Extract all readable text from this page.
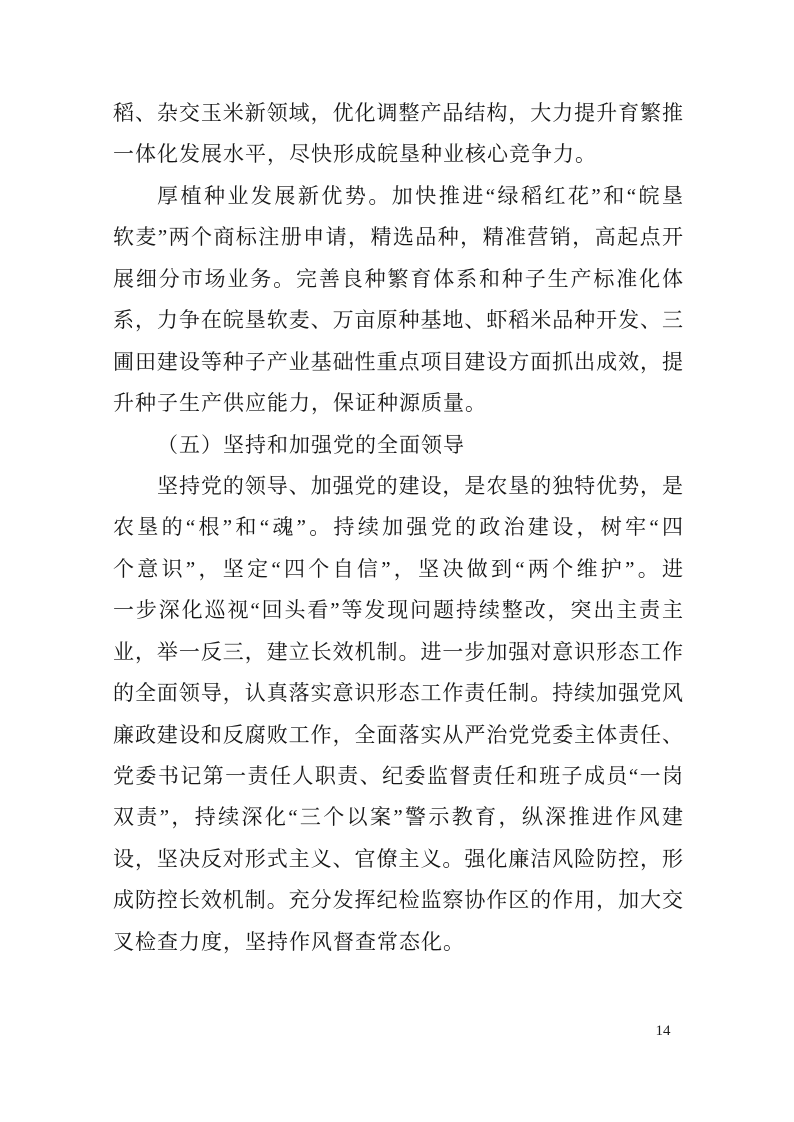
稻、杂交玉米新领域，优化调整产品结构，大力提升育繁推
一体化发展水平，尽快形成皖垦种业核心竞争力。
厚植种业发展新优势。加快推进“绿稻红花”和“皖垦
软麦”两个商标注册申请，精选品种，精准营销，高起点开
展细分市场业务。完善良种繁育体系和种子生产标准化体
系，力争在皖垦软麦、万亩原种基地、虾稻米品种开发、三
圃田建设等种子产业基础性重点项目建设方面抓出成效，提
升种子生产供应能力，保证种源质量。
（五）坚持和加强党的全面领导
坚持党的领导、加强党的建设，是农垦的独特优势，是
农垦的“根”和“魂”。持续加强党的政治建设，树牢“四
个意识”，坚定“四个自信”，坚决做到“两个维护”。进
一步深化巡视“回头看”等发现问题持续整改，突出主责主
业，举一反三，建立长效机制。进一步加强对意识形态工作
的全面领导，认真落实意识形态工作责任制。持续加强党风
廉政建设和反腐败工作，全面落实从严治党党委主体责任、
党委书记第一责任人职责、纪委监督责任和班子成员“一岗
双责”，持续深化“三个以案”警示教育，纵深推进作风建
设，坚决反对形式主义、官僚主义。强化廉洁风险防控，形
成防控长效机制。充分发挥纪检监察协作区的作用，加大交
叉检查力度，坚持作风督查常态化。
14
